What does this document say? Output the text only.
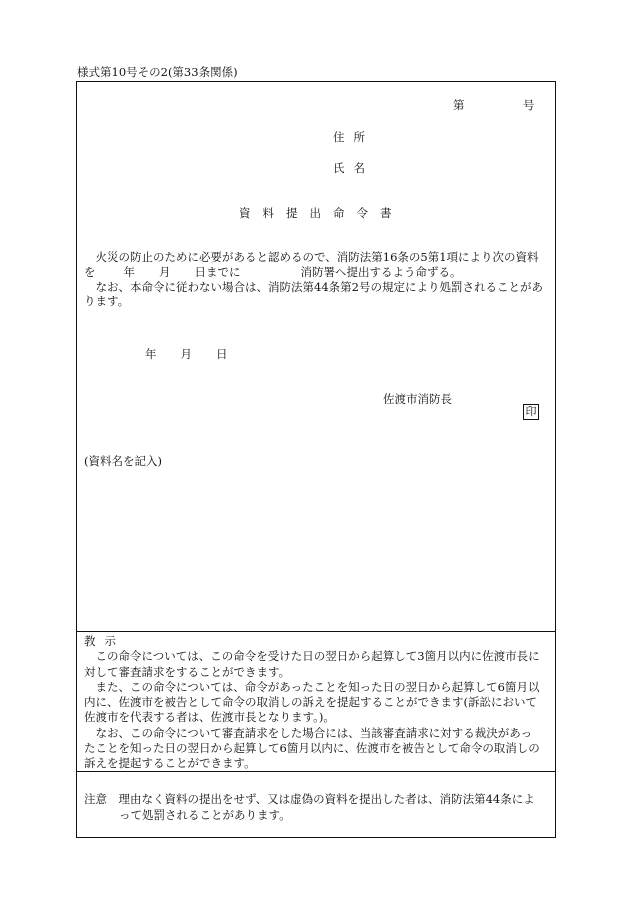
様式第10号その2(第33条関係)
第	号
住所
氏名
資料提出命令書

火災の防止のために必要があると認めるので、消防法第16条の5第1項により次の資料

を 年 月 日までに	消防署へ提出するよう命ずる。

なお、本命令に従わない場合は、消防法第44条第2号の規定により処罰されることがあ

ります。

年 月 日
佐渡市消防長
印
(資料名を記入)

教示

この命令については、この命令を受けた日の翌日から起算して3箇月以内に佐渡市長に

対して審査請求をすることができます。

また、この命令については、命令があったことを知った日の翌日から起算して6箇月以

内に、佐渡市を被告として命令の取消しの訴えを提起することができます(訴訟において

佐渡市を代表する者は、佐渡市長となります。)。

なお、この命令について審査請求をした場合には、当該審査請求に対する裁決があっ

たことを知った日の翌日から起算して6箇月以内に、佐渡市を被告として命令の取消しの

訴えを提起することができます。

注意　理由なく資料の提出をせず、又は虚偽の資料を提出した者は、消防法第44条によ

って処罰されることがあります。
